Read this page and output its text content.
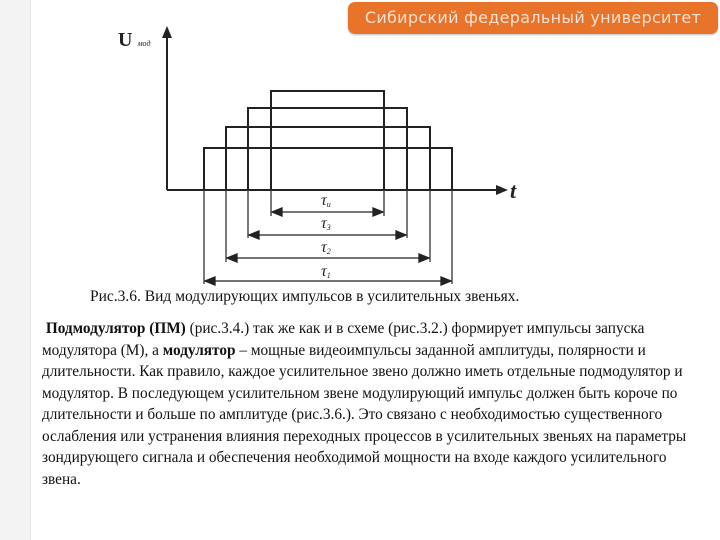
Сибирский федеральный университет
U мод
t
τи
τ3
τ2
τ1
Рис.3.6. Вид модулирующих импульсов в усилительных звеньях.

Подмодулятор (ПМ) (рис.3.4.) так же как и в схеме (рис.3.2.) формирует импульсы запуска модулятора (М), а модулятор – мощные видеоимпульсы заданной амплитуды, полярности и длительности. Как правило, каждое усилительное звено должно иметь отдельные подмодулятор и модулятор. В последующем усилительном звене модулирующий импульс должен быть короче по длительности и больше по амплитуде (рис.3.6.). Это связано с необходимостью существенного ослабления или устранения влияния переходных процессов в усилительных звеньях на параметры зондирующего сигнала и обеспечения необходимой мощности на входе каждого усилительного звена.
